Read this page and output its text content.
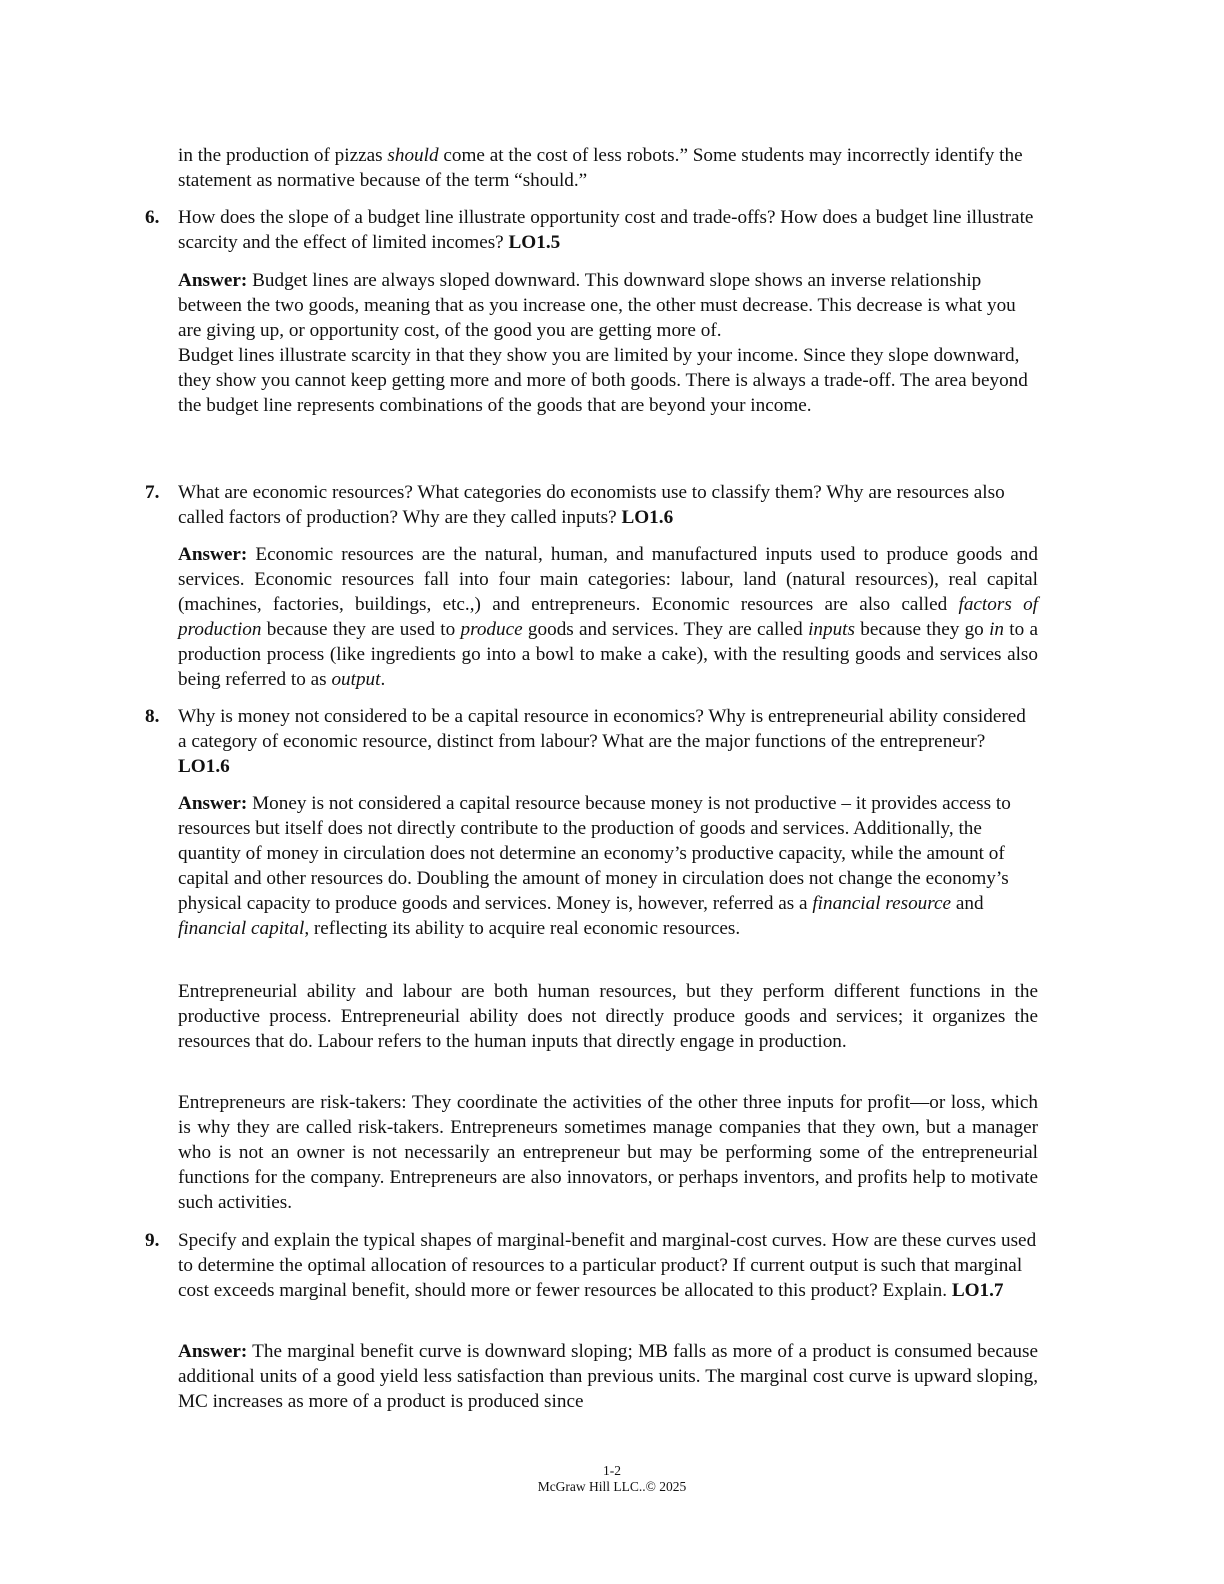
in the production of pizzas should come at the cost of less robots.” Some students may incorrectly identify the statement as normative because of the term “should.”
6. How does the slope of a budget line illustrate opportunity cost and trade-offs? How does a budget line illustrate scarcity and the effect of limited incomes? LO1.5

Answer: Budget lines are always sloped downward. This downward slope shows an inverse relationship between the two goods, meaning that as you increase one, the other must decrease. This decrease is what you are giving up, or opportunity cost, of the good you are getting more of.

Budget lines illustrate scarcity in that they show you are limited by your income. Since they slope downward, they show you cannot keep getting more and more of both goods. There is always a trade-off. The area beyond the budget line represents combinations of the goods that are beyond your income.

7. What are economic resources? What categories do economists use to classify them? Why are resources also called factors of production? Why are they called inputs? LO1.6

Answer: Economic resources are the natural, human, and manufactured inputs used to produce goods and services. Economic resources fall into four main categories: labour, land (natural resources), real capital (machines, factories, buildings, etc.,) and entrepreneurs. Economic resources are also called factors of production because they are used to produce goods and services. They are called inputs because they go in to a production process (like ingredients go into a bowl to make a cake), with the resulting goods and services also being referred to as output.

8. Why is money not considered to be a capital resource in economics? Why is entrepreneurial ability considered a category of economic resource, distinct from labour? What are the major functions of the entrepreneur? LO1.6

Answer: Money is not considered a capital resource because money is not productive – it provides access to resources but itself does not directly contribute to the production of goods and services. Additionally, the quantity of money in circulation does not determine an economy’s productive capacity, while the amount of capital and other resources do. Doubling the amount of money in circulation does not change the economy’s physical capacity to produce goods and services. Money is, however, referred as a financial resource and financial capital, reflecting its ability to acquire real economic resources.

Entrepreneurial ability and labour are both human resources, but they perform different functions in the productive process. Entrepreneurial ability does not directly produce goods and services; it organizes the resources that do. Labour refers to the human inputs that directly engage in production.

Entrepreneurs are risk-takers: They coordinate the activities of the other three inputs for profit—or loss, which is why they are called risk-takers. Entrepreneurs sometimes manage companies that they own, but a manager who is not an owner is not necessarily an entrepreneur but may be performing some of the entrepreneurial functions for the company. Entrepreneurs are also innovators, or perhaps inventors, and profits help to motivate such activities.

9. Specify and explain the typical shapes of marginal-benefit and marginal-cost curves. How are these curves used to determine the optimal allocation of resources to a particular product? If current output is such that marginal cost exceeds marginal benefit, should more or fewer resources be allocated to this product? Explain. LO1.7

Answer: The marginal benefit curve is downward sloping; MB falls as more of a product is consumed because additional units of a good yield less satisfaction than previous units. The marginal cost curve is upward sloping, MC increases as more of a product is produced since

1-2
McGraw Hill LLC..© 2025
